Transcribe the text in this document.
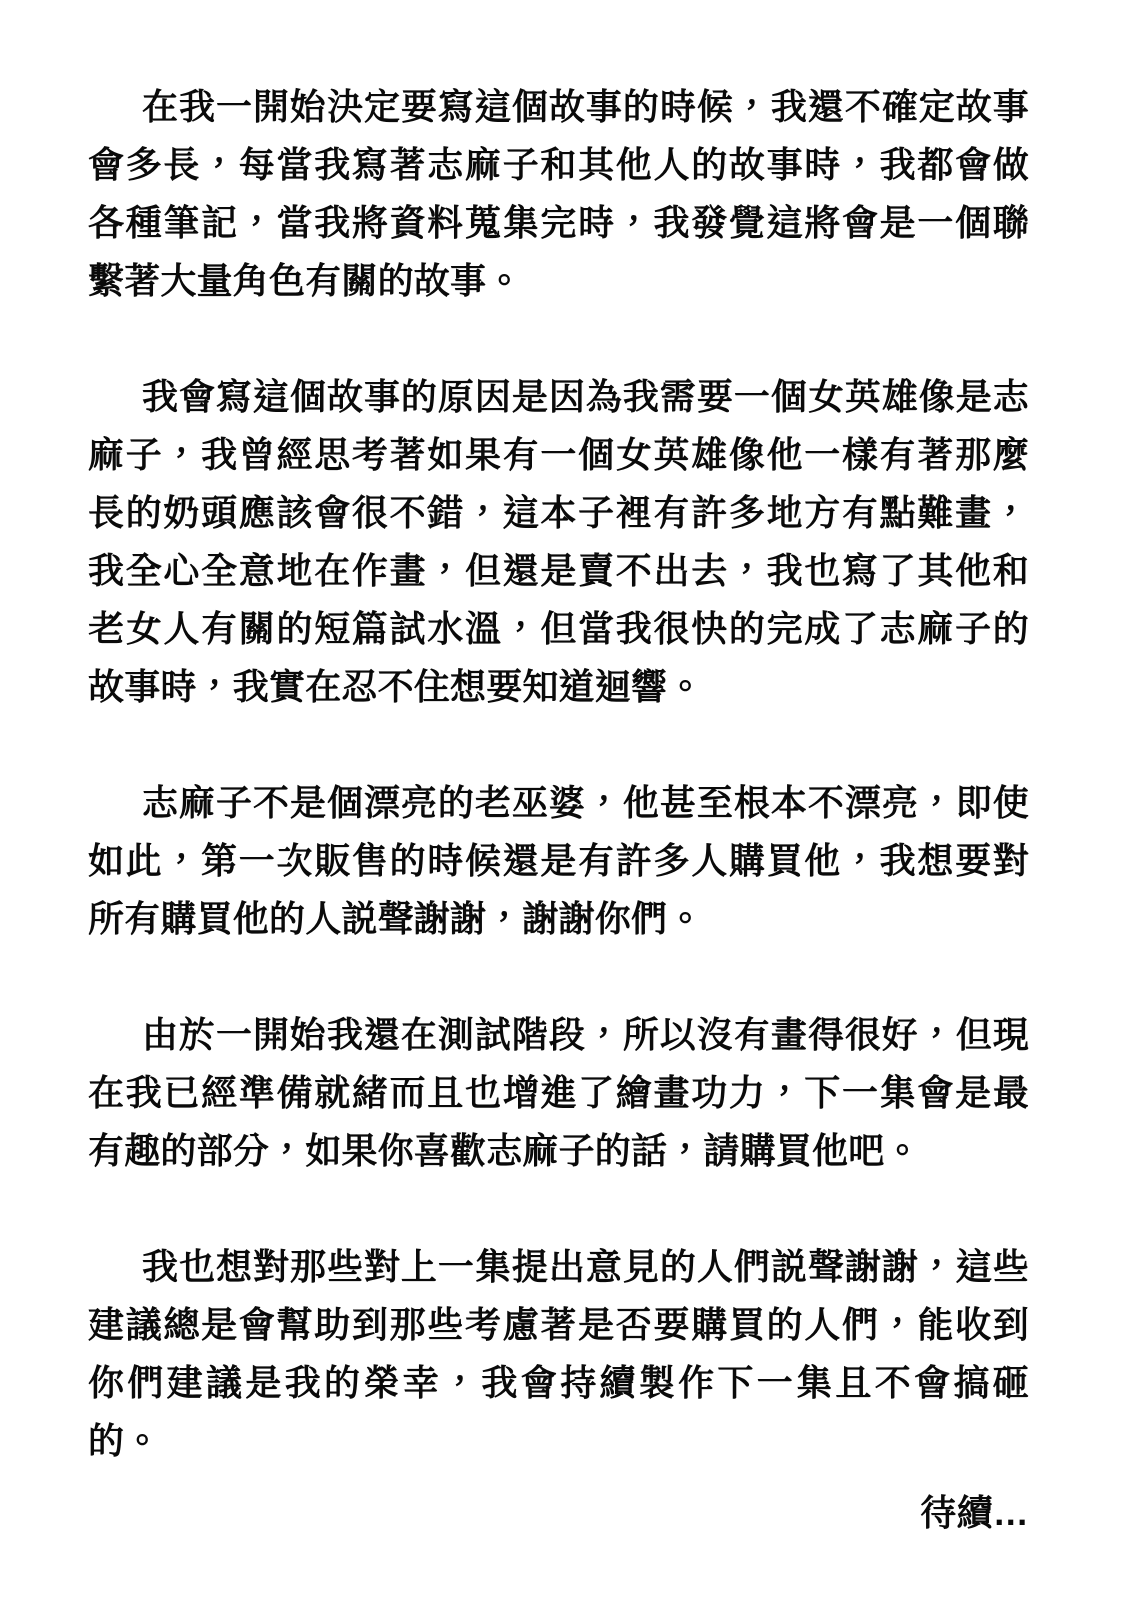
在我一開始決定要寫這個故事的時候，我還不確定故事會多長，每當我寫著志麻子和其他人的故事時，我都會做各種筆記，當我將資料蒐集完時，我發覺這將會是一個聯繫著大量角色有關的故事。

我會寫這個故事的原因是因為我需要一個女英雄像是志麻子，我曾經思考著如果有一個女英雄像他一樣有著那麼長的奶頭應該會很不錯，這本子裡有許多地方有點難畫，我全心全意地在作畫，但還是賣不出去，我也寫了其他和老女人有關的短篇試水溫，但當我很快的完成了志麻子的故事時，我實在忍不住想要知道迴響。

志麻子不是個漂亮的老巫婆，他甚至根本不漂亮，即使如此，第一次販售的時候還是有許多人購買他，我想要對所有購買他的人説聲謝謝，謝謝你們。

由於一開始我還在測試階段，所以沒有畫得很好，但現在我已經準備就緒而且也增進了繪畫功力，下一集會是最有趣的部分，如果你喜歡志麻子的話，請購買他吧。

我也想對那些對上一集提出意見的人們説聲謝謝，這些建議總是會幫助到那些考慮著是否要購買的人們，能收到你們建議是我的榮幸，我會持續製作下一集且不會搞砸的。

待續…
